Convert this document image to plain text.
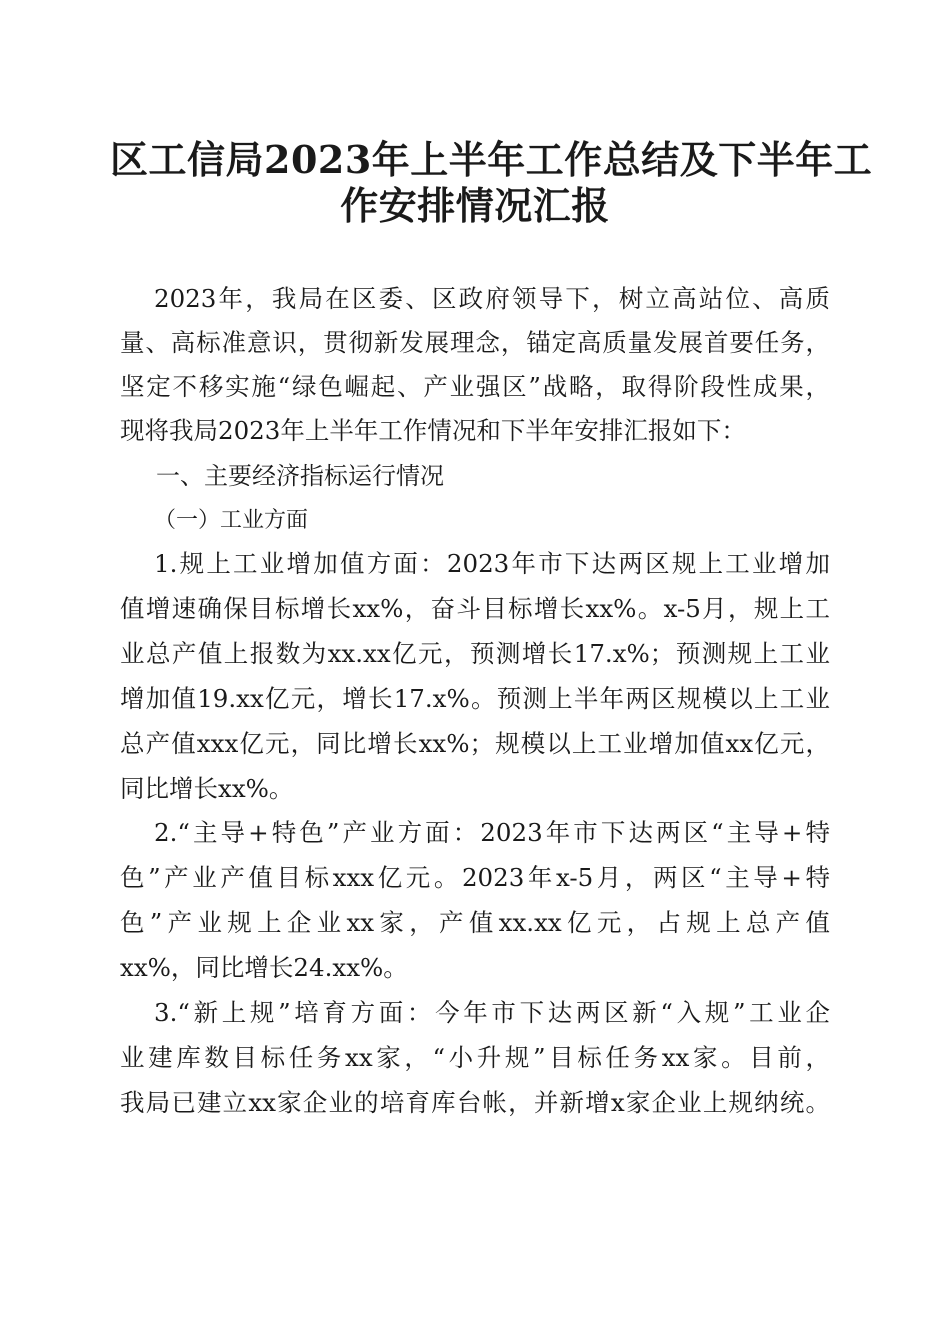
区工信局2023年上半年工作总结及下半年工
作安排情况汇报
2023年，我局在区委、区政府领导下，树立高站位、高质
量、高标准意识，贯彻新发展理念，锚定高质量发展首要任务，
坚定不移实施“绿色崛起、产业强区”战略，取得阶段性成果，
现将我局2023年上半年工作情况和下半年安排汇报如下：
一、主要经济指标运行情况
（一）工业方面
1.规上工业增加值方面：2023年市下达两区规上工业增加
值增速确保目标增长xx%，奋斗目标增长xx%。x-5月，规上工
业总产值上报数为xx.xx亿元，预测增长17.x%；预测规上工业
增加值19.xx亿元，增长17.x%。预测上半年两区规模以上工业
总产值xxx亿元，同比增长xx%；规模以上工业增加值xx亿元，
同比增长xx%。
2.“主导+特色”产业方面：2023年市下达两区“主导+特
色”产业产值目标xxx亿元。2023年x-5月，两区“主导+特
色”产业规上企业xx家，产值xx.xx亿元，占规上总产值
xx%，同比增长24.xx%。
3.“新上规”培育方面：今年市下达两区新“入规”工业企
业建库数目标任务xx家，“小升规”目标任务xx家。目前，
我局已建立xx家企业的培育库台帐，并新增x家企业上规纳统。
